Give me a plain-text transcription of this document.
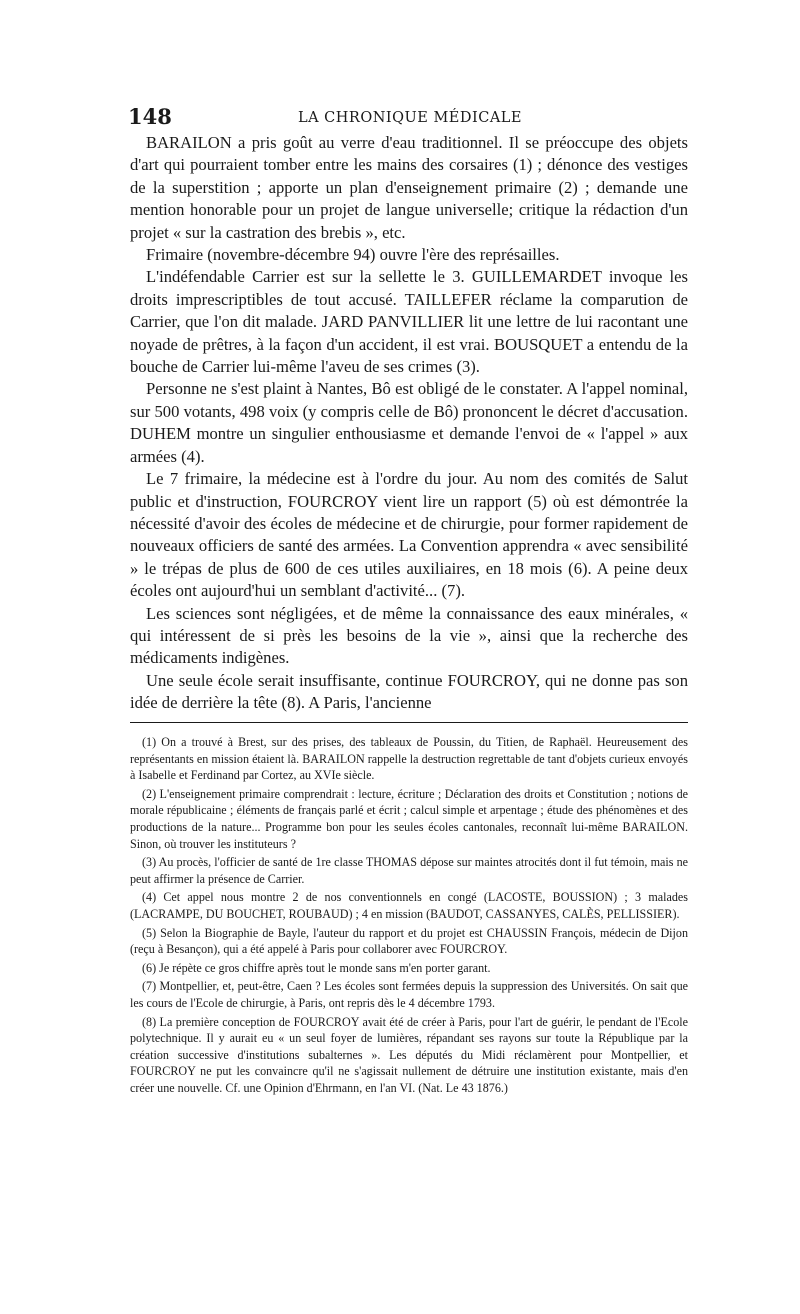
148	LA CHRONIQUE MÉDICALE

BARAILON a pris goût au verre d'eau traditionnel. Il se préoccupe des objets d'art qui pourraient tomber entre les mains des corsaires (1) ; dénonce des vestiges de la superstition ; apporte un plan d'enseignement primaire (2) ; demande une mention honorable pour un projet de langue universelle; critique la rédaction d'un projet « sur la castration des brebis », etc.

Frimaire (novembre-décembre 94) ouvre l'ère des représailles.

L'indéfendable Carrier est sur la sellette le 3. GUILLEMARDET invoque les droits imprescriptibles de tout accusé. TAILLEFER réclame la comparution de Carrier, que l'on dit malade. JARD PANVILLIER lit une lettre de lui racontant une noyade de prêtres, à la façon d'un accident, il est vrai. BOUSQUET a entendu de la bouche de Carrier lui-même l'aveu de ses crimes (3).

Personne ne s'est plaint à Nantes, Bô est obligé de le constater. A l'appel nominal, sur 500 votants, 498 voix (y compris celle de Bô) prononcent le décret d'accusation. DUHEM montre un singulier enthousiasme et demande l'envoi de « l'appel » aux armées (4).

Le 7 frimaire, la médecine est à l'ordre du jour. Au nom des comités de Salut public et d'instruction, FOURCROY vient lire un rapport (5) où est démontrée la nécessité d'avoir des écoles de médecine et de chirurgie, pour former rapidement de nouveaux officiers de santé des armées. La Convention apprendra « avec sensibilité » le trépas de plus de 600 de ces utiles auxiliaires, en 18 mois (6). A peine deux écoles ont aujourd'hui un semblant d'activité... (7).

Les sciences sont négligées, et de même la connaissance des eaux minérales, « qui intéressent de si près les besoins de la vie », ainsi que la recherche des médicaments indigènes.

Une seule école serait insuffisante, continue FOURCROY, qui ne donne pas son idée de derrière la tête (8). A Paris, l'ancienne

(1) On a trouvé à Brest, sur des prises, des tableaux de Poussin, du Titien, de Raphaël. Heureusement des représentants en mission étaient là. BARAILON rappelle la destruction regrettable de tant d'objets curieux envoyés à Isabelle et Ferdinand par Cortez, au XVIe siècle.

(2) L'enseignement primaire comprendrait : lecture, écriture ; Déclaration des droits et Constitution ; notions de morale républicaine ; éléments de français parlé et écrit ; calcul simple et arpentage ; étude des phénomènes et des productions de la nature... Programme bon pour les seules écoles cantonales, reconnaît lui-même BARAILON. Sinon, où trouver les instituteurs ?

(3) Au procès, l'officier de santé de 1re classe THOMAS dépose sur maintes atrocités dont il fut témoin, mais ne peut affirmer la présence de Carrier.

(4) Cet appel nous montre 2 de nos conventionnels en congé (LACOSTE, BOUSSION) ; 3 malades (LACRAMPE, DU BOUCHET, ROUBAUD) ; 4 en mission (BAUDOT, CASSANYES, CALÈS, PELLISSIER).

(5) Selon la Biographie de Bayle, l'auteur du rapport et du projet est CHAUSSIN François, médecin de Dijon (reçu à Besançon), qui a été appelé à Paris pour collaborer avec FOURCROY.

(6) Je répète ce gros chiffre après tout le monde sans m'en porter garant.

(7) Montpellier, et, peut-être, Caen ? Les écoles sont fermées depuis la suppression des Universités. On sait que les cours de l'Ecole de chirurgie, à Paris, ont repris dès le 4 décembre 1793.

(8) La première conception de FOURCROY avait été de créer à Paris, pour l'art de guérir, le pendant de l'Ecole polytechnique. Il y aurait eu « un seul foyer de lumières, répandant ses rayons sur toute la République par la création successive d'institutions subalternes ». Les députés du Midi réclamèrent pour Montpellier, et FOURCROY ne put les convaincre qu'il ne s'agissait nullement de détruire une institution existante, mais d'en créer une nouvelle. Cf. une Opinion d'Ehrmann, en l'an VI. (Nat. Le 43 1876.)
